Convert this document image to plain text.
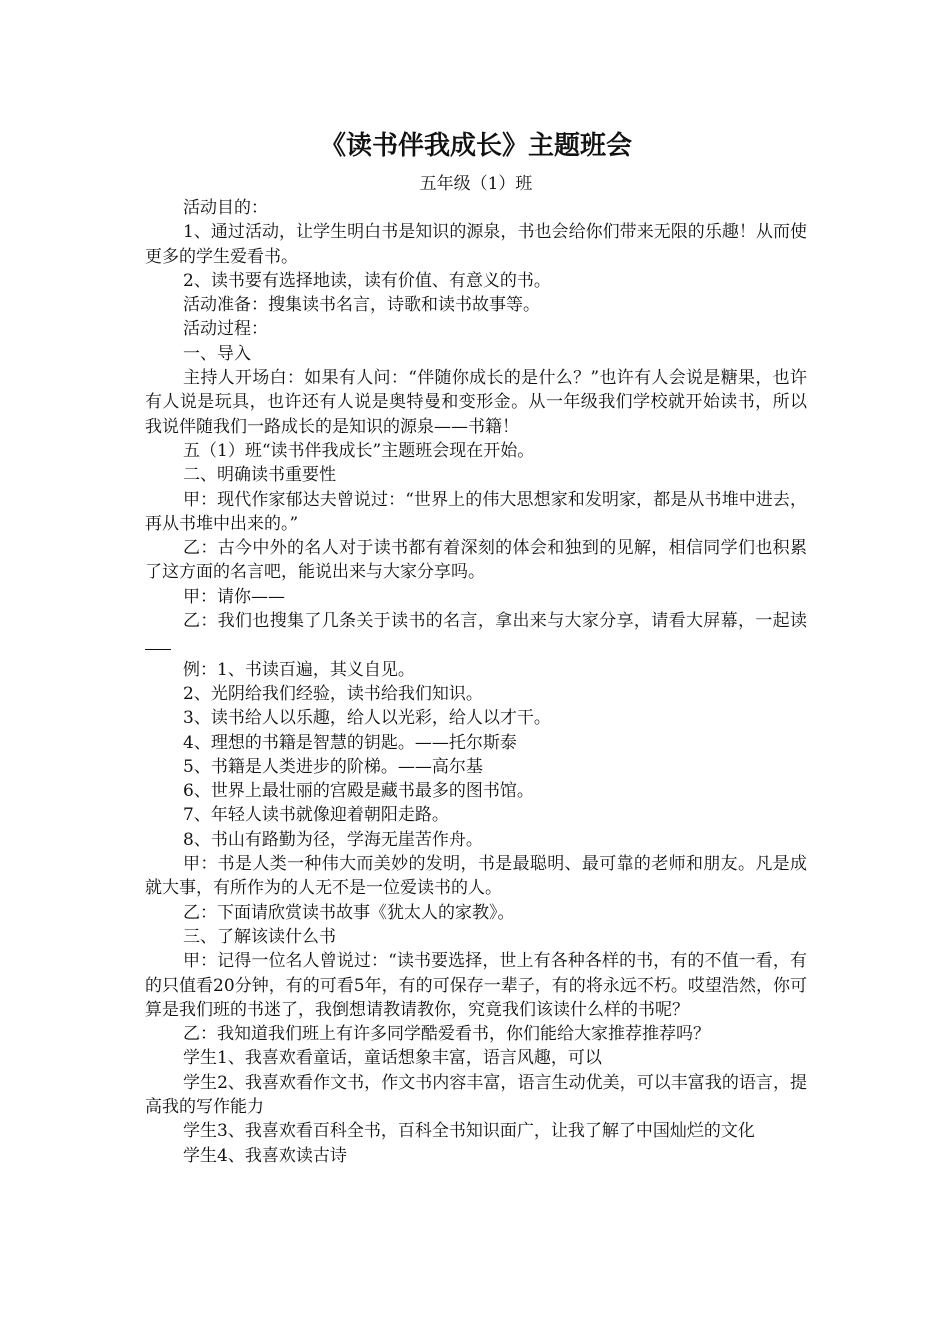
《读书伴我成长》主题班会
五年级（1）班

活动目的：

1、通过活动，让学生明白书是知识的源泉，书也会给你们带来无限的乐趣！从而使更多的学生爱看书。

2、读书要有选择地读，读有价值、有意义的书。

活动准备：搜集读书名言，诗歌和读书故事等。

活动过程：

一、导入

主持人开场白：如果有人问：“伴随你成长的是什么？”也许有人会说是糖果，也许有人说是玩具，也许还有人说是奥特曼和变形金。从一年级我们学校就开始读书，所以我说伴随我们一路成长的是知识的源泉——书籍！

五（1）班“读书伴我成长”主题班会现在开始。

二、明确读书重要性

甲：现代作家郁达夫曾说过：“世界上的伟大思想家和发明家，都是从书堆中进去，再从书堆中出来的。”

乙：古今中外的名人对于读书都有着深刻的体会和独到的见解，相信同学们也积累了这方面的名言吧，能说出来与大家分享吗。

甲：请你——

乙：我们也搜集了几条关于读书的名言，拿出来与大家分享，请看大屏幕，一起读

例：1、书读百遍，其义自见。

2、光阴给我们经验，读书给我们知识。

3、读书给人以乐趣，给人以光彩，给人以才干。

4、理想的书籍是智慧的钥匙。——托尔斯泰

5、书籍是人类进步的阶梯。——高尔基

6、世界上最壮丽的宫殿是藏书最多的图书馆。

7、年轻人读书就像迎着朝阳走路。

8、书山有路勤为径，学海无崖苦作舟。

甲：书是人类一种伟大而美妙的发明，书是最聪明、最可靠的老师和朋友。凡是成就大事，有所作为的人无不是一位爱读书的人。

乙：下面请欣赏读书故事《犹太人的家教》。

三、了解该读什么书

甲：记得一位名人曾说过：“读书要选择，世上有各种各样的书，有的不值一看，有的只值看20分钟，有的可看5年，有的可保存一辈子，有的将永远不朽。哎望浩然，你可算是我们班的书迷了，我倒想请教请教你，究竟我们该读什么样的书呢？

乙：我知道我们班上有许多同学酷爱看书，你们能给大家推荐推荐吗？

学生1、我喜欢看童话，童话想象丰富，语言风趣，可以

学生2、我喜欢看作文书，作文书内容丰富，语言生动优美，可以丰富我的语言，提高我的写作能力

学生3、我喜欢看百科全书，百科全书知识面广，让我了解了中国灿烂的文化

学生4、我喜欢读古诗
